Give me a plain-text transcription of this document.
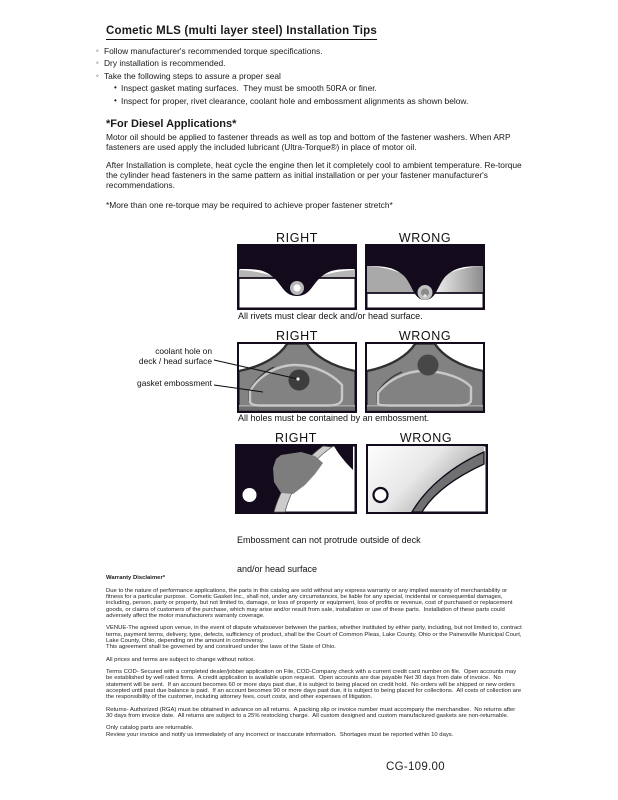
Cometic MLS (multi layer steel) Installation Tips
◦ Follow manufacturer's recommended torque specifications.
◦ Dry installation is recommended.
◦ Take the following steps to assure a proper seal
• Inspect gasket mating surfaces.  They must be smooth 50RA or finer.
• Inspect for proper, rivet clearance, coolant hole and embossment alignments as shown below.
*For Diesel Applications*
Motor oil should be applied to fastener threads as well as top and bottom of the fastener washers. When ARP fasteners are used apply the included lubricant (Ultra-Torque®) in place of motor oil.
After Installation is complete, heat cycle the engine then let it completely cool to ambient temperature. Re-torque the cylinder head fasteners in the same pattern as initial installation or per your fastener manufacturer's recommendations.
*More than one re-torque may be required to achieve proper fastener stretch*
RIGHT	WRONG
All rivets must clear deck and/or head surface.
RIGHT	WRONG
coolant hole on
deck / head surface
gasket embossment
All holes must be contained by an embossment.
RIGHT	WRONG

Embossment can not protrude outside of deck

and/or head surface

Warranty Disclaimer*
Due to the nature of performance applications, the parts in this catalog are sold without any express warranty or any implied warranty of merchantability or fitness for a particular purpose.  Cometic Gasket Inc., shall not, under any circumstances, be liable for any special, incidental or consequential damages, including, person, party or property, but not limited to, damage, or loss of property or equipment, loss of profits or revenue, cost of purchased or replacement goods, or claims of customers of the purchase, which may arise and/or result from sale, installation or use of these parts.  Installation of these parts could adversely affect the motor manufacturers warranty coverage.
VENUE-The agreed upon venue, in the event of dispute whatsoever between the parties, whether instituted by either party, including, but not limited to, contract terms, payment terms, delivery, type, defects, sufficiency of product, shall be the Court of Common Pleas, Lake County, Ohio or the Painesville Municipal Court, Lake County, Ohio, depending on the amount in controversy.
This agreement shall be governed by and construed under the laws of the State of Ohio.
All prices and terms are subject to change without notice.
Terms COD- Secured with a completed dealer/jobber application on File, COD-Company check with a current credit card number on file.  Open accounts may be established by well rated firms.  A credit application is available upon request.  Open accounts are due payable Net 30 days from date of invoice.  No statement will be sent.  If an account becomes 60 or more days past due, it is subject to being placed on credit hold.  No orders will be shipped or new orders accepted until past due balance is paid.  If an account becomes 90 or more days past due, it is subject to being placed for collections.  All costs of collection are the responsibility of the customer, including attorney fees, court costs, and other expenses of litigation.
Returns- Authorized (RGA) must be obtained in advance on all returns.  A packing slip or invoice number must accompany the merchandise.  No returns after 30 days from invoice date.  All returns are subject to a 25% restocking charge.  All custom designed and custom manufactured gaskets are non-returnable.
Only catalog parts are returnable.
Review your invoice and notify us immediately of any incorrect or inaccurate information.  Shortages must be reported within 10 days.
CG-109.00
